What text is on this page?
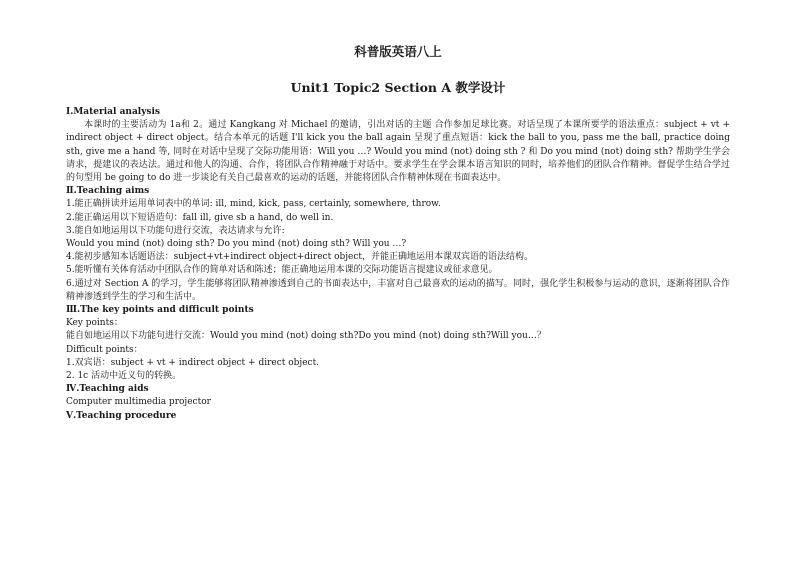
科普版英语八上
Unit1 Topic2 Section A 教学设计

Ⅰ.Material analysis

本课时的主要活动为 1a和 2。通过 Kangkang 对 Michael 的邀请，引出对话的主题 合作参加足球比赛。对话呈现了本课所要学的语法重点：subject + vt + indirect object + direct object。结合本单元的话题 I'll kick you the ball again 呈现了重点短语：kick the ball to you, pass me the ball, practice doing sth, give me a hand 等, 同时在对话中呈现了交际功能用语：Will you …? Would you mind (not) doing sth ? 和 Do you mind (not) doing sth? 帮助学生学会请求，提建议的表达法。通过和他人的沟通、合作，将团队合作精神融于对话中。要求学生在学会课本语言知识的同时，培养他们的团队合作精神。督促学生结合学过的句型用 be going to do 进一步谈论有关自己最喜欢的运动的话题，并能将团队合作精神体现在书面表达中。

Ⅱ.Teaching aims

1.能正确拼读并运用单词表中的单词: ill, mind, kick, pass, certainly, somewhere, throw.

2.能正确运用以下短语造句：fall ill, give sb a hand, do well in.

3.能自如地运用以下功能句进行交流，表达请求与允许:

Would you mind (not) doing sth? Do you mind (not) doing sth? Will you …?

4.能初步感知本话题语法：subject+vt+indirect object+direct object，并能正确地运用本课双宾语的语法结构。

5.能听懂有关体育活动中团队合作的简单对话和陈述；能正确地运用本课的交际功能语言提建议或征求意见。

6.通过对 Section A 的学习，学生能够将团队精神渗透到自己的书面表达中，丰富对自己最喜欢的运动的描写。同时，强化学生积极参与运动的意识，逐渐将团队合作精神渗透到学生的学习和生活中。

Ⅲ.The key points and difficult points

Key points：

能自如地运用以下功能句进行交流：Would you mind (not) doing sth?Do you mind (not) doing sth?Will you…？

Difficult points：

1.双宾语：subject + vt + indirect object + direct object.

2. 1c 活动中近义句的转换。

Ⅳ.Teaching aids

Computer multimedia projector

Ⅴ.Teaching procedure
